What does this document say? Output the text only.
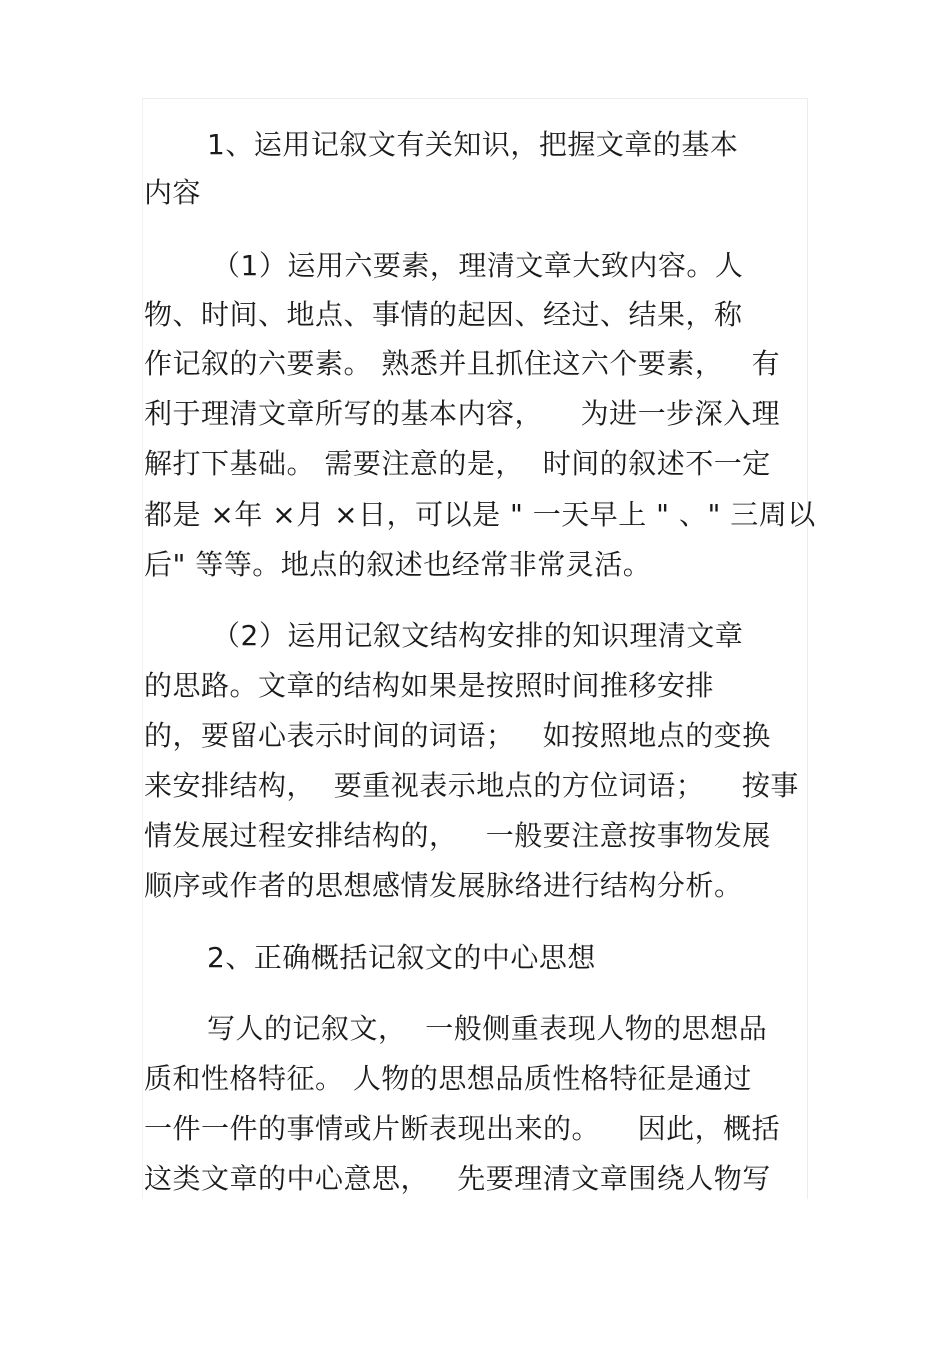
1、运用记叙文有关知识，把握文章的基本
内容
（1）运用六要素，理清文章大致内容。人
物、时间、地点、事情的起因、经过、结果，称
作记叙的六要素。 熟悉并且抓住这六个要素，   有
利于理清文章所写的基本内容，    为进一步深入理
解打下基础。 需要注意的是，  时间的叙述不一定
都是 ×年 ×月 ×日，可以是 " 一天早上 " 、" 三周以
后" 等等。地点的叙述也经常非常灵活。
（2）运用记叙文结构安排的知识理清文章
的思路。文章的结构如果是按照时间推移安排
的，要留心表示时间的词语；   如按照地点的变换
来安排结构，  要重视表示地点的方位词语；    按事
情发展过程安排结构的，   一般要注意按事物发展
顺序或作者的思想感情发展脉络进行结构分析。
2、正确概括记叙文的中心思想
写人的记叙文，  一般侧重表现人物的思想品
质和性格特征。 人物的思想品质性格特征是通过
一件一件的事情或片断表现出来的。    因此，概括
这类文章的中心意思，   先要理清文章围绕人物写
